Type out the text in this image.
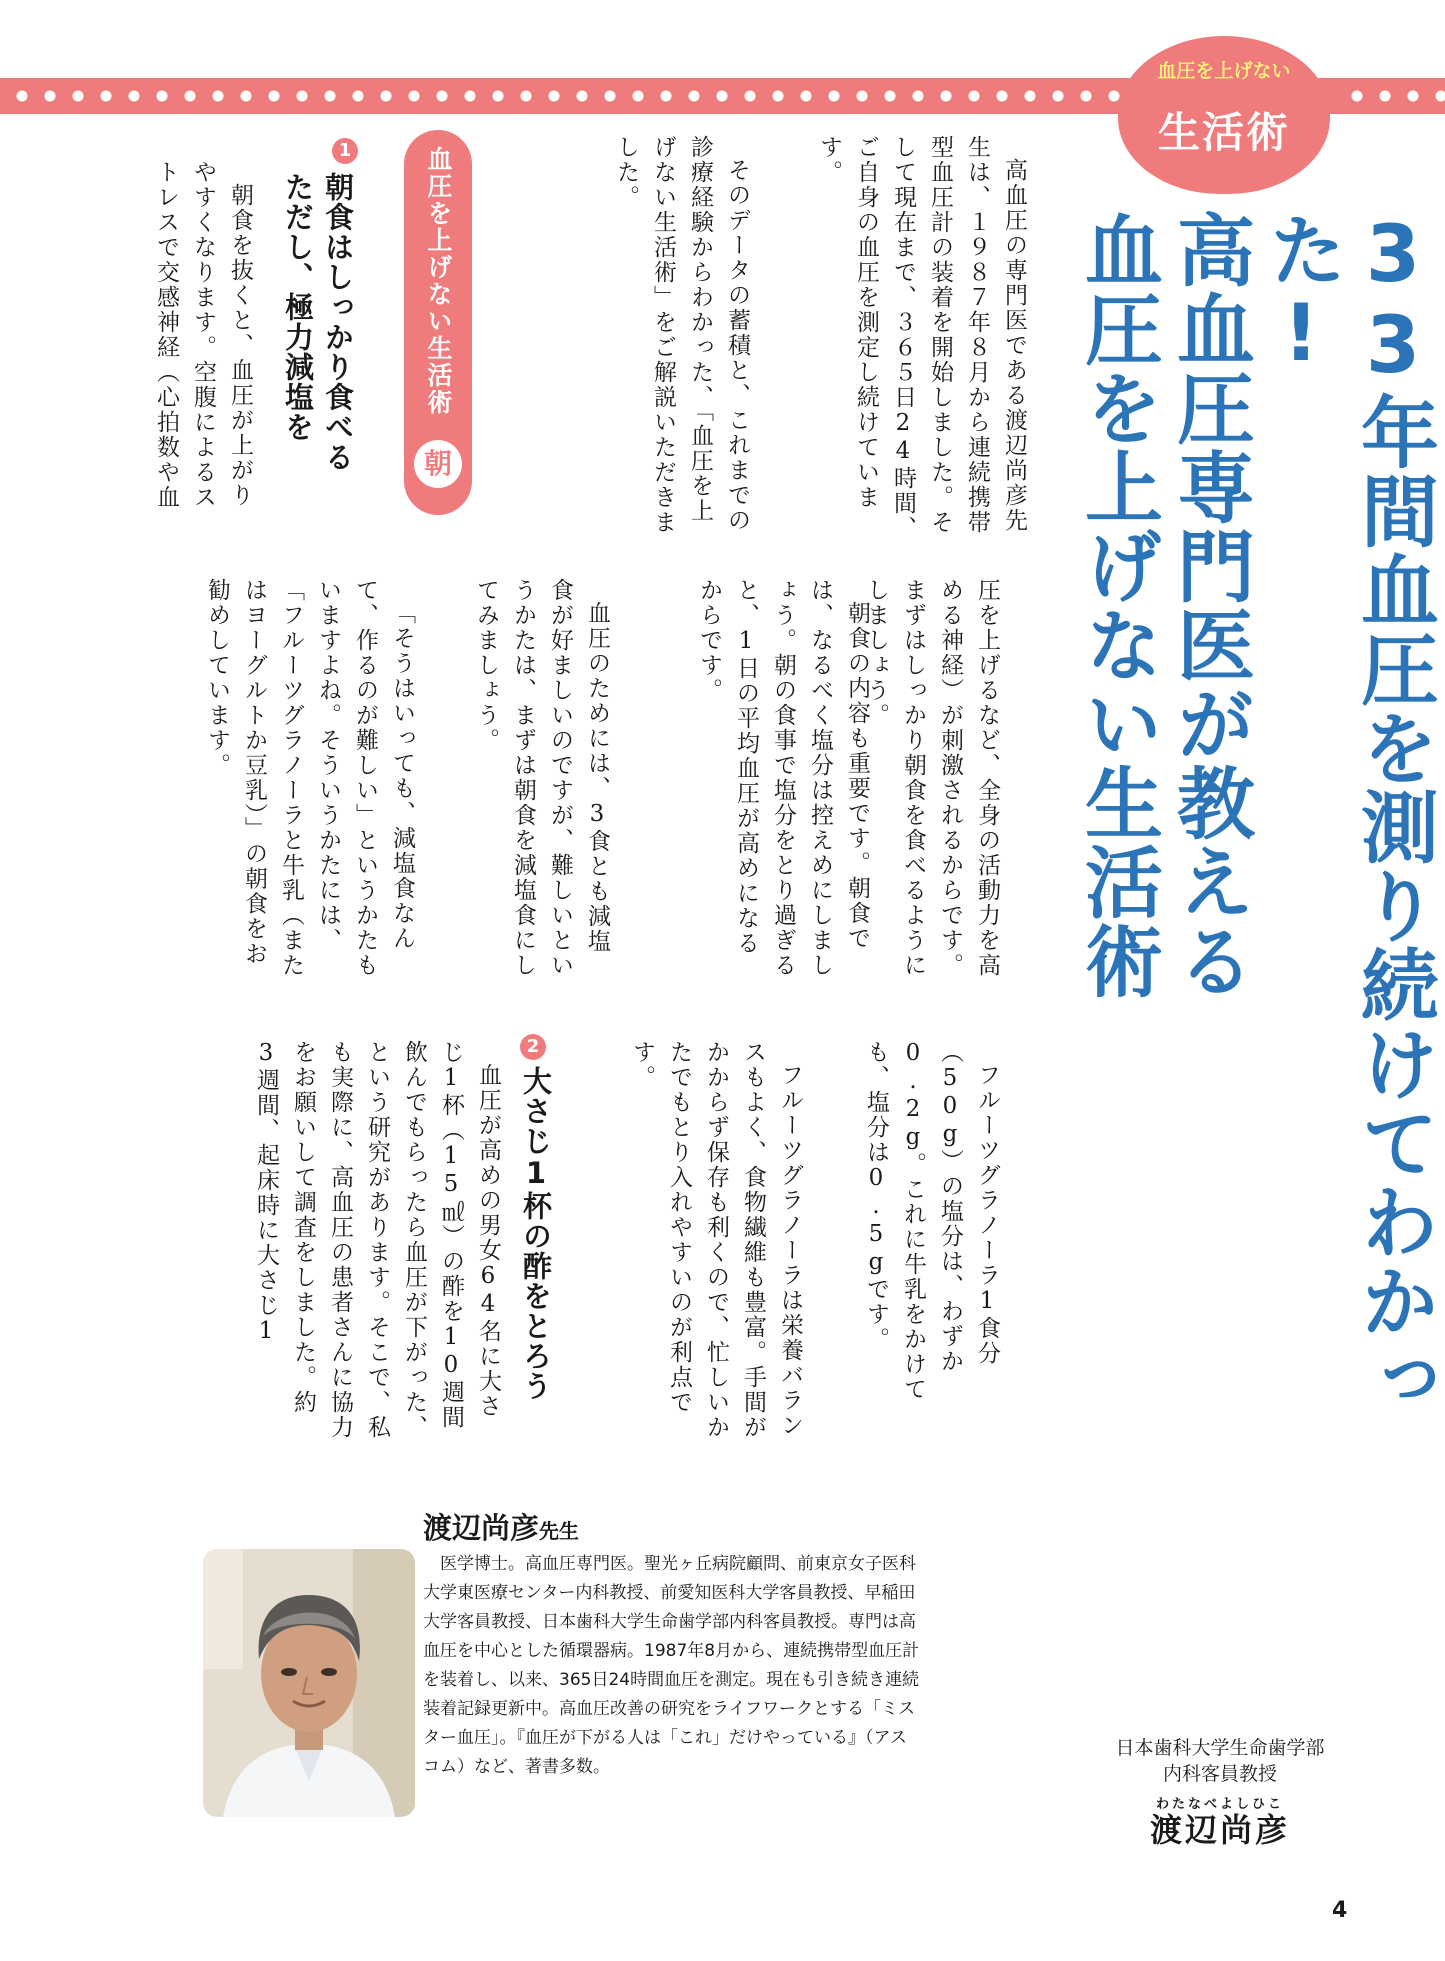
血圧を上げない
生活術
33年間血圧を測り続けてわかった!
高血圧専門医が教える
血圧を上げない生活術
高血圧の専門医である渡辺尚彦先生は、１９８７年８月から連続携帯型血圧計の装着を開始しました。そして現在まで、３６５日24時間、ご自身の血圧を測定し続けています。
そのデータの蓄積と、これまでの診療経験からわかった、「血圧を上げない生活術」をご解説いただきました。
血圧を上げない生活術
朝
1
朝食はしっかり食べる
ただし、極力減塩を
朝食を抜くと、血圧が上がりやすくなります。空腹によるストレスで交感神経（心拍数や血
圧を上げるなど、全身の活動力を高める神経）が刺激されるからです。まずはしっかり朝食を食べるようにしましょう。
朝食の内容も重要です。朝食では、なるべく塩分は控えめにしましょう。朝の食事で塩分をとり過ぎると、1日の平均血圧が高めになるからです。
血圧のためには、3食とも減塩食が好ましいのですが、難しいというかたは、まずは朝食を減塩食にしてみましょう。
「そうはいっても、減塩食なんて、作るのが難しい」というかたもいますよね。そういうかたには、「フルーツグラノーラと牛乳（またはヨーグルトか豆乳）」の朝食をお勧めしています。
フルーツグラノーラ1食分（50g）の塩分は、わずか0.2g。これに牛乳をかけても、塩分は0.5gです。
フルーツグラノーラは栄養バランスもよく、食物繊維も豊富。手間がかからず保存も利くので、忙しいかたでもとり入れやすいのが利点です。
2
大さじ1杯の酢をとろう
血圧が高めの男女64名に大さじ1杯（15㎖）の酢を10週間飲んでもらったら血圧が下がった、という研究があります。そこで、私も実際に、高血圧の患者さんに協力をお願いして調査をしました。約3週間、起床時に大さじ1
渡辺尚彦先生

医学博士。高血圧専門医。聖光ヶ丘病院顧問、前東京女子医科大学東医療センター内科教授、前愛知医科大学客員教授、早稲田大学客員教授、日本歯科大学生命歯学部内科客員教授。専門は高血圧を中心とした循環器病。1987年8月から、連続携帯型血圧計を装着し、以来、365日24時間血圧を測定。現在も引き続き連続装着記録更新中。高血圧改善の研究をライフワークとする「ミスター血圧」。『血圧が下がる人は「これ」だけやっている』（アスコム）など、著書多数。

日本歯科大学生命歯学部
内科客員教授
わたなべよしひこ
渡辺尚彦
4
